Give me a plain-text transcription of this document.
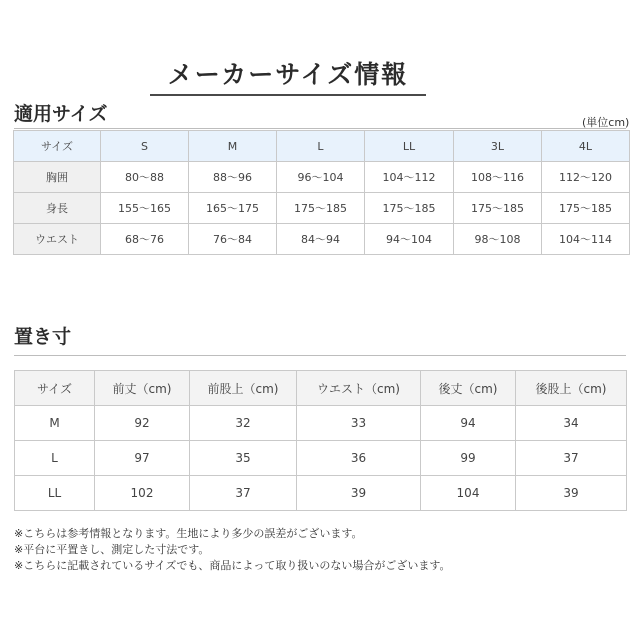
メーカーサイズ情報
適用サイズ	(単位cm)
サイズ	S	M	L	LL	3L	4L
胸囲	80〜88	88〜96	96〜104	104〜112	108〜116	112〜120
身長	155〜165	165〜175	175〜185	175〜185	175〜185	175〜185
ウエスト	68〜76	76〜84	84〜94	94〜104	98〜108	104〜114
置き寸
サイズ	前丈（cm)	前股上（cm)	ウエスト（cm)	後丈（cm)	後股上（cm)
M	92	32	33	94	34
L	97	35	36	99	37
LL	102	37	39	104	39
※こちらは参考情報となります。生地により多少の誤差がございます。
※平台に平置きし、測定した寸法です。
※こちらに記載されているサイズでも、商品によって取り扱いのない場合がございます。
